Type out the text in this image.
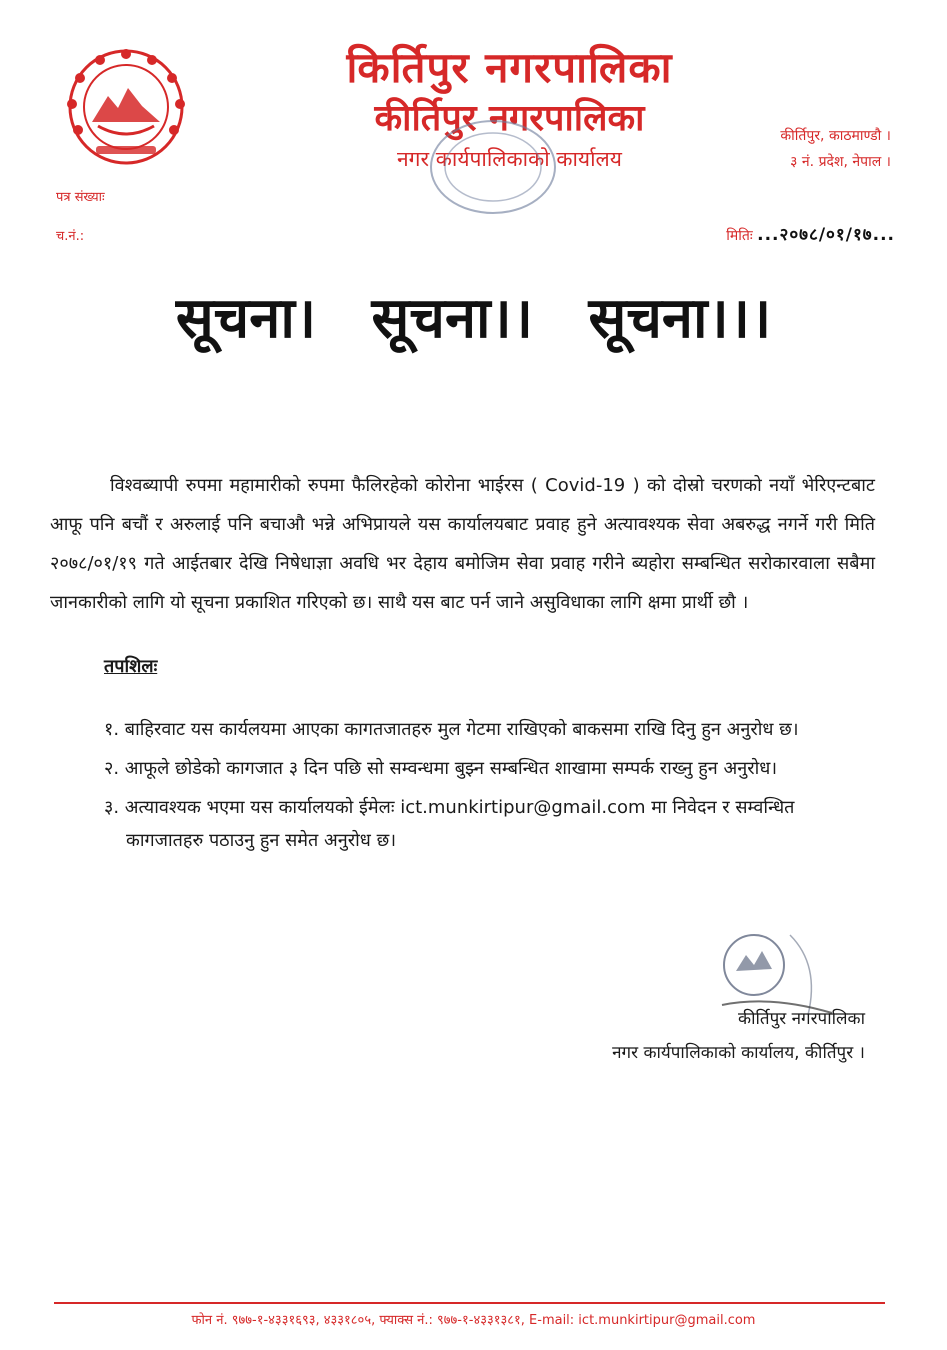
किर्तिपुर नगरपालिका
कीर्तिपुर नगरपालिका
नगर कार्यपालिकाको कार्यालय
कीर्तिपुर, काठमाण्डौ ।
३ नं. प्रदेश, नेपाल ।
पत्र संख्याः
च.नं.:	मितिः ...२०७८/०१/१७...
सूचना। सूचना।। सूचना।।।

विश्वब्यापी रुपमा महामारीको रुपमा फैलिरहेको कोरोना भाईरस ( Covid-19 ) को दोस्रो चरणको नयाँ भेरिएन्टबाट आफू पनि बचौं र अरुलाई पनि बचाऔ भन्ने अभिप्रायले यस कार्यालयबाट प्रवाह हुने अत्यावश्यक सेवा अबरुद्ध नगर्ने गरी मिति २०७८/०१/१९ गते आईतबार देखि निषेधाज्ञा अवधि भर देहाय बमोजिम सेवा प्रवाह गरीने ब्यहोरा सम्बन्धित सरोकारवाला सबैमा जानकारीको लागि यो सूचना प्रकाशित गरिएको छ। साथै यस बाट पर्न जाने असुविधाका लागि क्षमा प्रार्थी छौ ।

तपशिलः
१. बाहिरवाट यस कार्यलयमा आएका कागतजातहरु मुल गेटमा राखिएको बाकसमा राखि दिनु हुन अनुरोध छ।
२. आफूले छोडेको कागजात ३ दिन पछि सो सम्वन्धमा बुझ्न सम्बन्धित शाखामा सम्पर्क राख्नु हुन अनुरोध।
३. अत्यावश्यक भएमा यस कार्यालयको ईमेलः ict.munkirtipur@gmail.com मा निवेदन र सम्वन्धित कागजातहरु पठाउनु हुन समेत अनुरोध छ।
कीर्तिपुर नगरपालिका
नगर कार्यपालिकाको कार्यालय, कीर्तिपुर ।
फोन नं. ९७७-१-४३३१६९३, ४३३१८०५, फ्याक्स नं.: ९७७-१-४३३१३८१, E-mail: ict.munkirtipur@gmail.com
